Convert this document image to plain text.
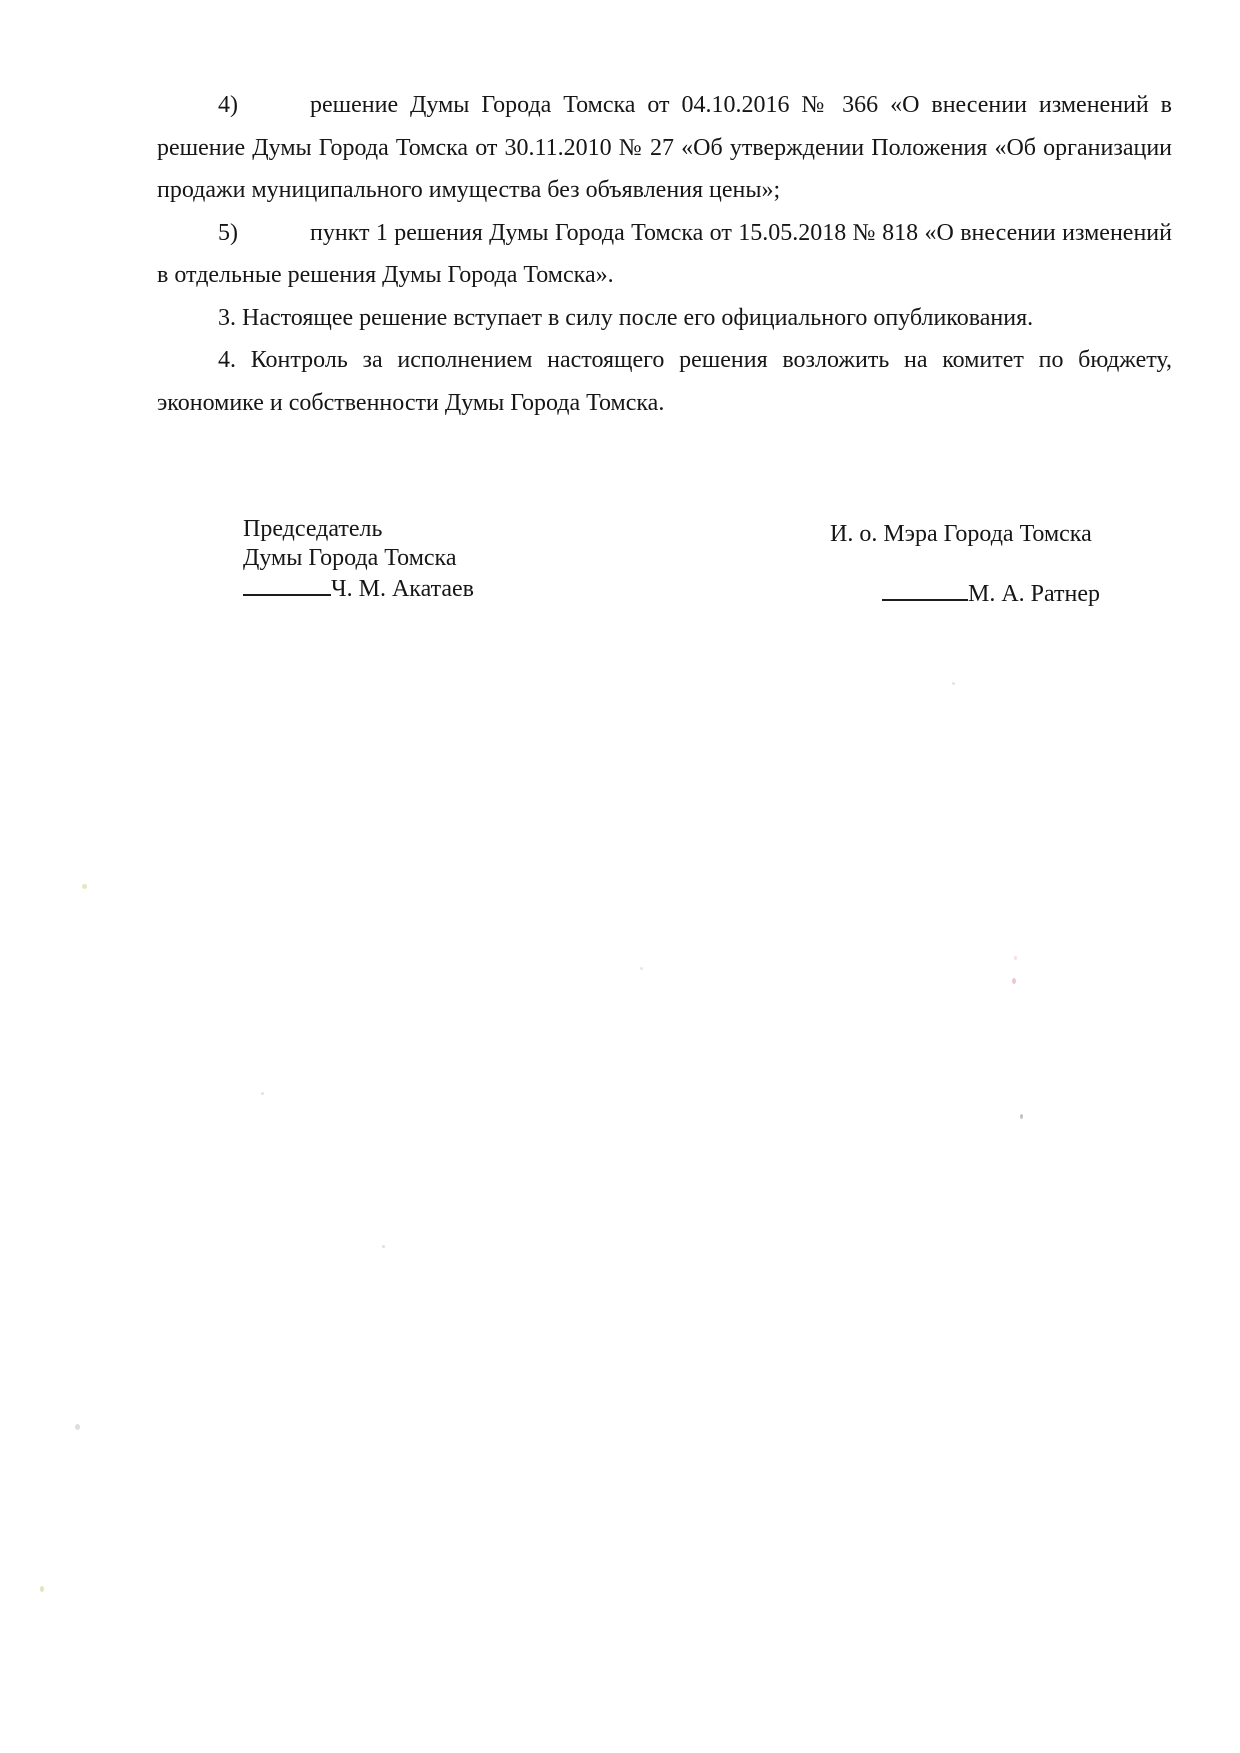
4)	решение Думы Города Томска от 04.10.2016 № 366 «О внесении изменений в решение Думы Города Томска от 30.11.2010 № 27 «Об утверждении Положения «Об организации продажи муниципального имущества без объявления цены»;

5)	пункт 1 решения Думы Города Томска от 15.05.2018 № 818 «О внесении изменений в отдельные решения Думы Города Томска».

3. Настоящее решение вступает в силу после его официального опубликования.

4. Контроль за исполнением настоящего решения возложить на комитет по бюджету, экономике и собственности Думы Города Томска.

Председатель
Думы Города Томска
Ч. М. Акатаев
И. о. Мэра Города Томска
М. А. Ратнер
